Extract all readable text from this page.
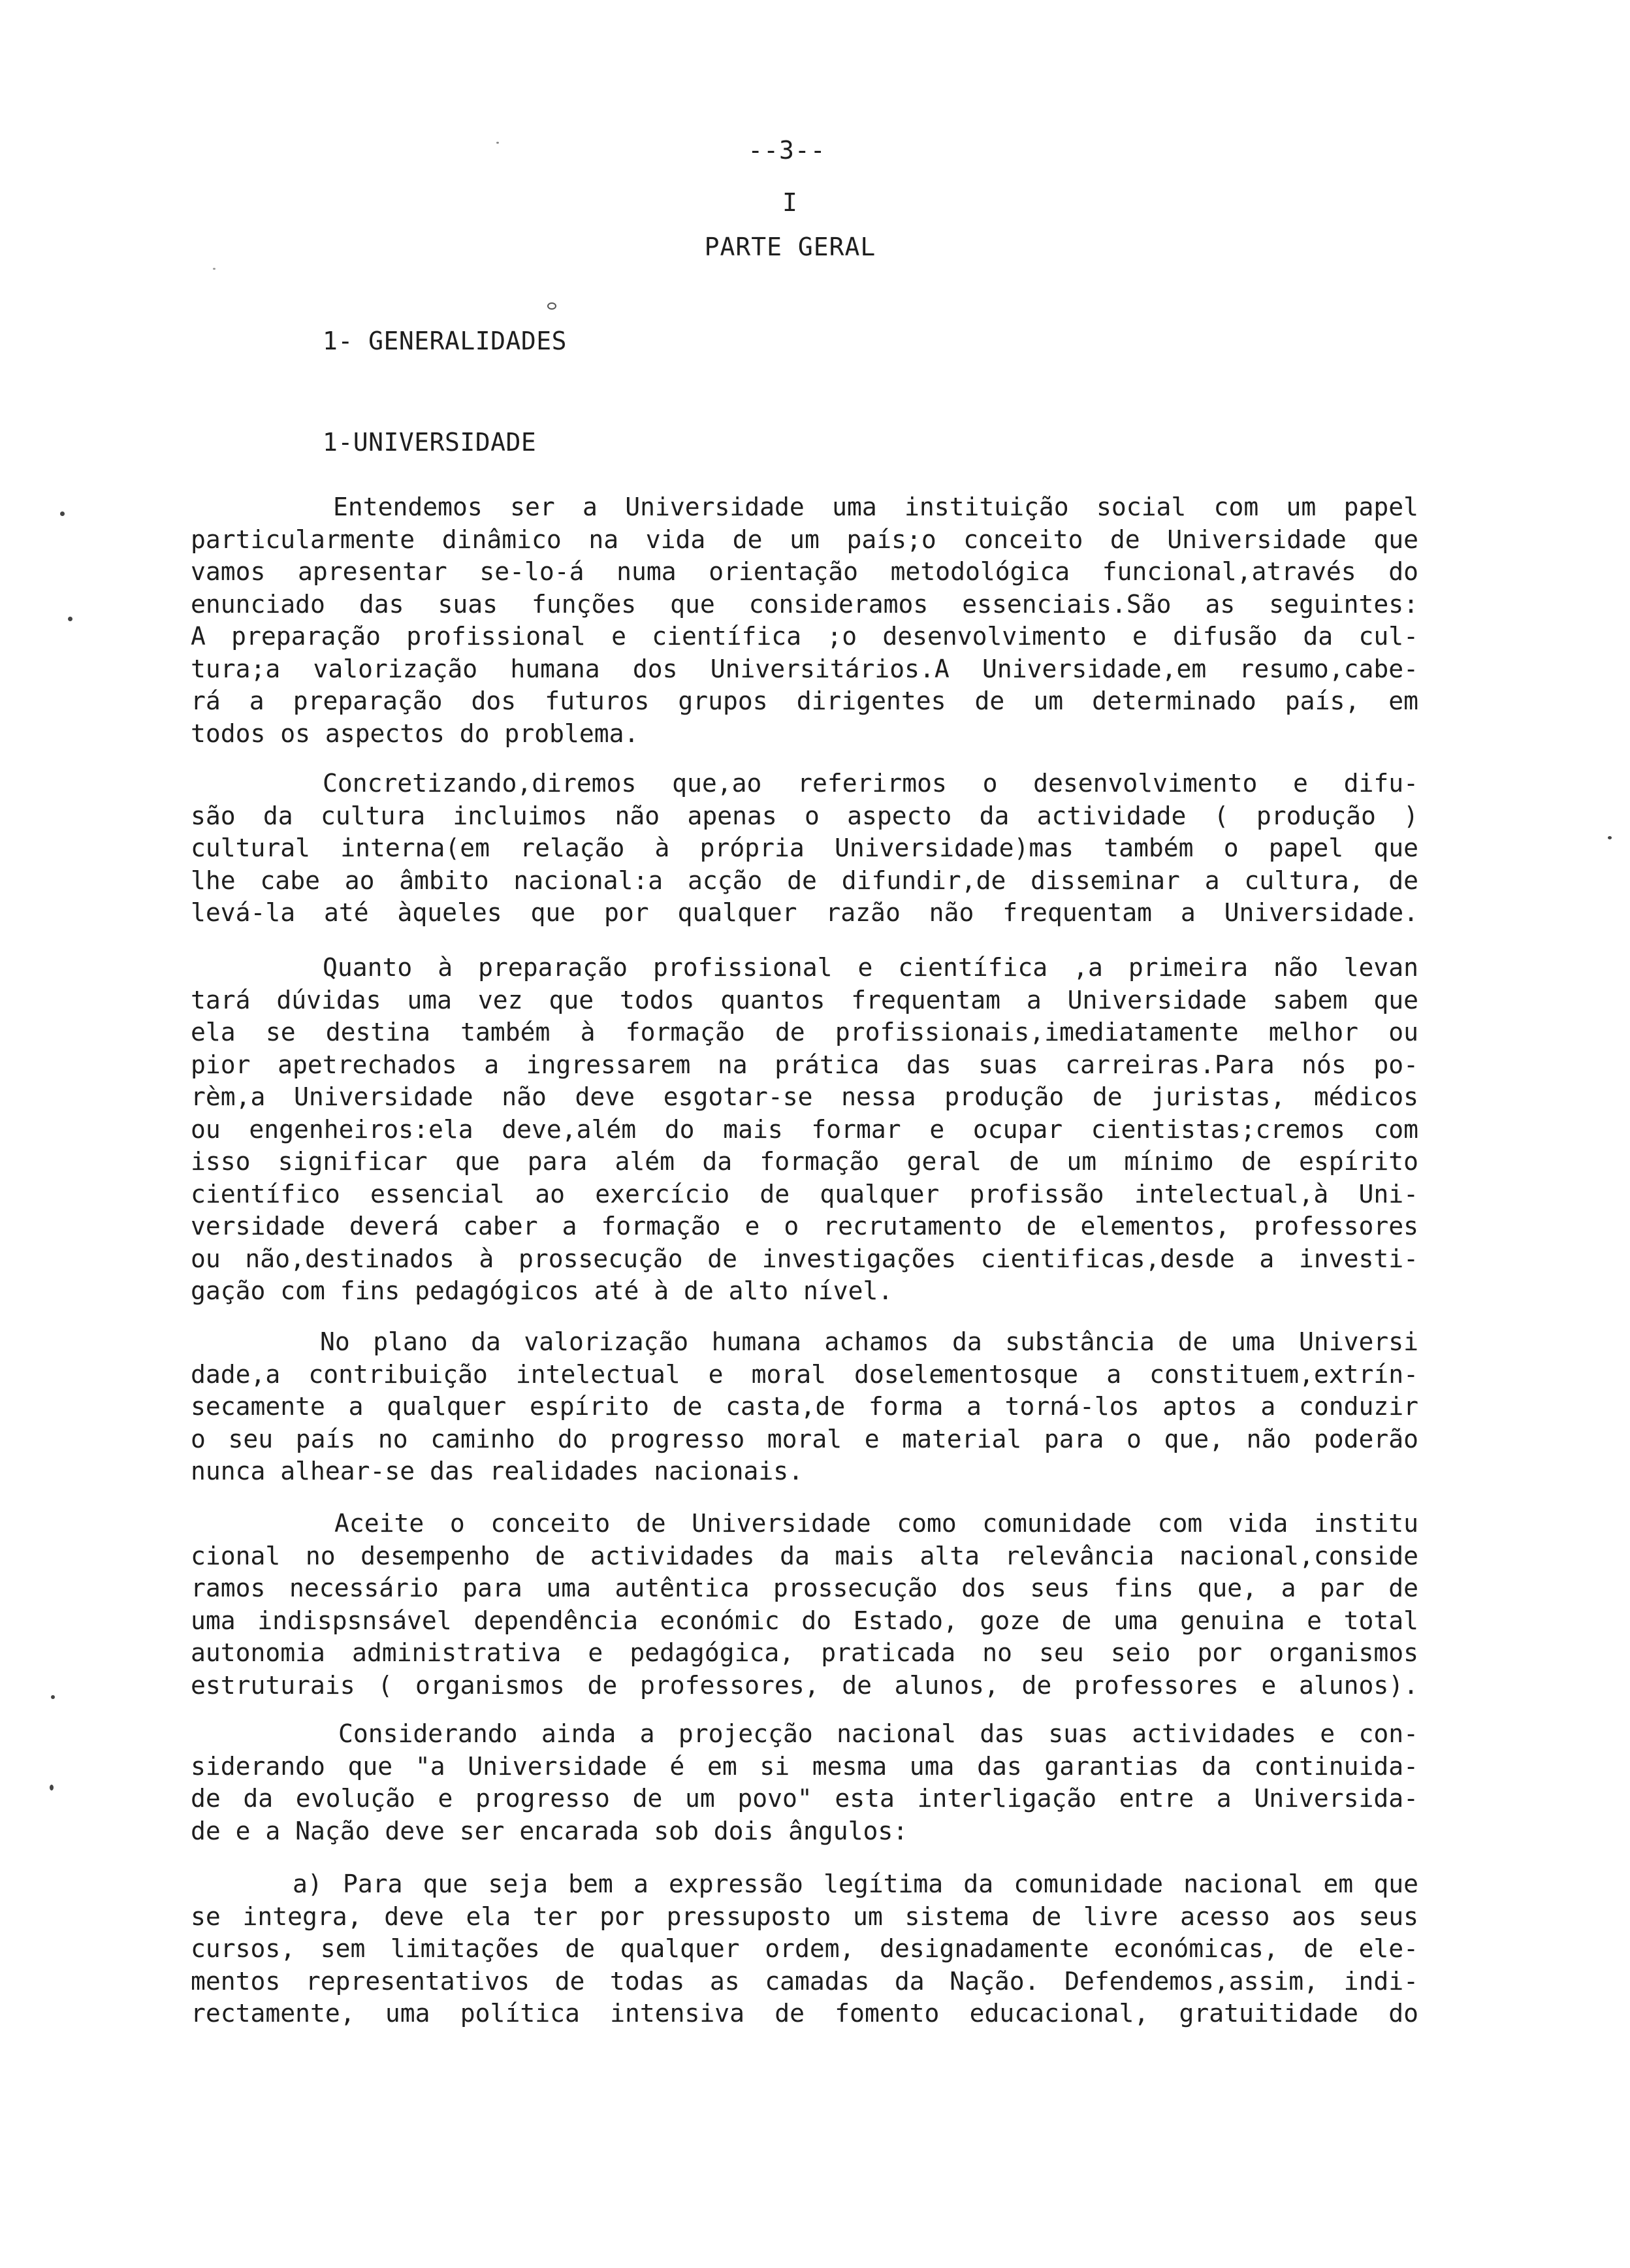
--3--
I
PARTE GERAL
1- GENERALIDADES
1-UNIVERSIDADE
Entendemos ser a Universidade uma instituição social com um papel
particularmente dinâmico na vida de um país;o conceito de Universidade que
vamos apresentar se-lo-á numa orientação metodológica funcional,através do
enunciado das suas funções que consideramos essenciais.São as seguintes:
A preparação profissional e científica ;o desenvolvimento e difusão da cul-
tura;a valorização humana dos Universitários.A Universidade,em resumo,cabe-
rá a preparação dos futuros grupos dirigentes de um determinado país, em
todos os aspectos do problema.
Concretizando,diremos que,ao referirmos o desenvolvimento e difu-
são da cultura incluimos não apenas o aspecto da actividade ( produção )
cultural interna(em relação à própria Universidade)mas também o papel que
lhe cabe ao âmbito nacional:a acção de difundir,de disseminar a cultura, de
levá-la até àqueles que por qualquer razão não frequentam a Universidade.
Quanto à preparação profissional e científica ,a primeira não levan
tará dúvidas uma vez que todos quantos frequentam a Universidade sabem que
ela se destina também à formação de profissionais,imediatamente melhor ou
pior apetrechados a ingressarem na prática das suas carreiras.Para nós po-
rèm,a Universidade não deve esgotar-se nessa produção de juristas, médicos
ou engenheiros:ela deve,além do mais formar e ocupar cientistas;cremos com
isso significar que para além da formação geral de um mínimo de espírito
científico essencial ao exercício de qualquer profissão intelectual,à Uni-
versidade deverá caber a formação e o recrutamento de elementos, professores
ou não,destinados à prossecução de investigações cientificas,desde a investi-
gação com fins pedagógicos até à de alto nível.
No plano da valorização humana achamos da substância de uma Universi
dade,a contribuição intelectual e moral doselementosque a constituem,extrín-
secamente a qualquer espírito de casta,de forma a torná-los aptos a conduzir
o seu país no caminho do progresso moral e material para o que, não poderão
nunca alhear-se das realidades nacionais.
Aceite o conceito de Universidade como comunidade com vida institu
cional no desempenho de actividades da mais alta relevância nacional,conside
ramos necessário para uma autêntica prossecução dos seus fins que, a par de
uma indispsnsável dependência económic do Estado, goze de uma genuina e total
autonomia administrativa e pedagógica, praticada no seu seio por organismos
estruturais ( organismos de professores, de alunos, de professores e alunos).
Considerando ainda a projecção nacional das suas actividades e con-
siderando que "a Universidade é em si mesma uma das garantias da continuida-
de da evolução e progresso de um povo" esta interligação entre a Universida-
de e a Nação deve ser encarada sob dois ângulos:
a) Para que seja bem a expressão legítima da comunidade nacional em que
se integra, deve ela ter por pressuposto um sistema de livre acesso aos seus
cursos, sem limitações de qualquer ordem, designadamente económicas, de ele-
mentos representativos de todas as camadas da Nação. Defendemos,assim, indi-
rectamente, uma política intensiva de fomento educacional, gratuitidade do
